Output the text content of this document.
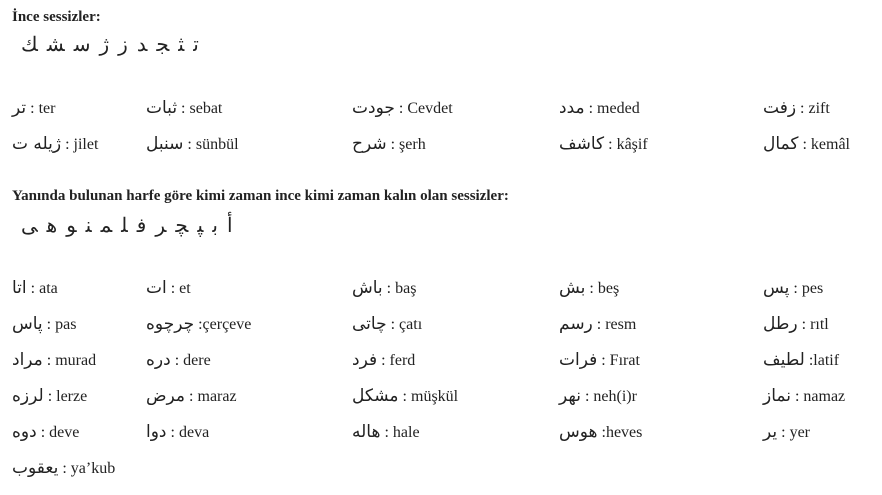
İnce sessizler:
تثجدزژسشك
تر : ter	ثبات : sebat	جودت : Cevdet	مدد : meded	زفت : zift
ژيله ت : jilet	سنبل : sünbül	شرح : şerh	كاشف : kâşif	كمال : kemâl
Yanında bulunan harfe göre kimi zaman ince kimi zaman kalın olan sessizler:
أبپچرفلمنوهى
اتا : ata	ات : et	باش : baş	بش : beş	پس : pes
پاس : pas	چرچوه :çerçeve	چاتى : çatı	رسم : resm	رطل : rıtl
مراد : murad	دره : dere	فرد : ferd	فرات : Fırat	لطيف :latif
لرزه : lerze	مرض : maraz	مشكل : müşkül	نهر : neh(i)r	نماز : namaz
دوه : deve	دوا : deva	هاله : hale	هوس :heves	ير : yer
يعقوب : ya’kub
